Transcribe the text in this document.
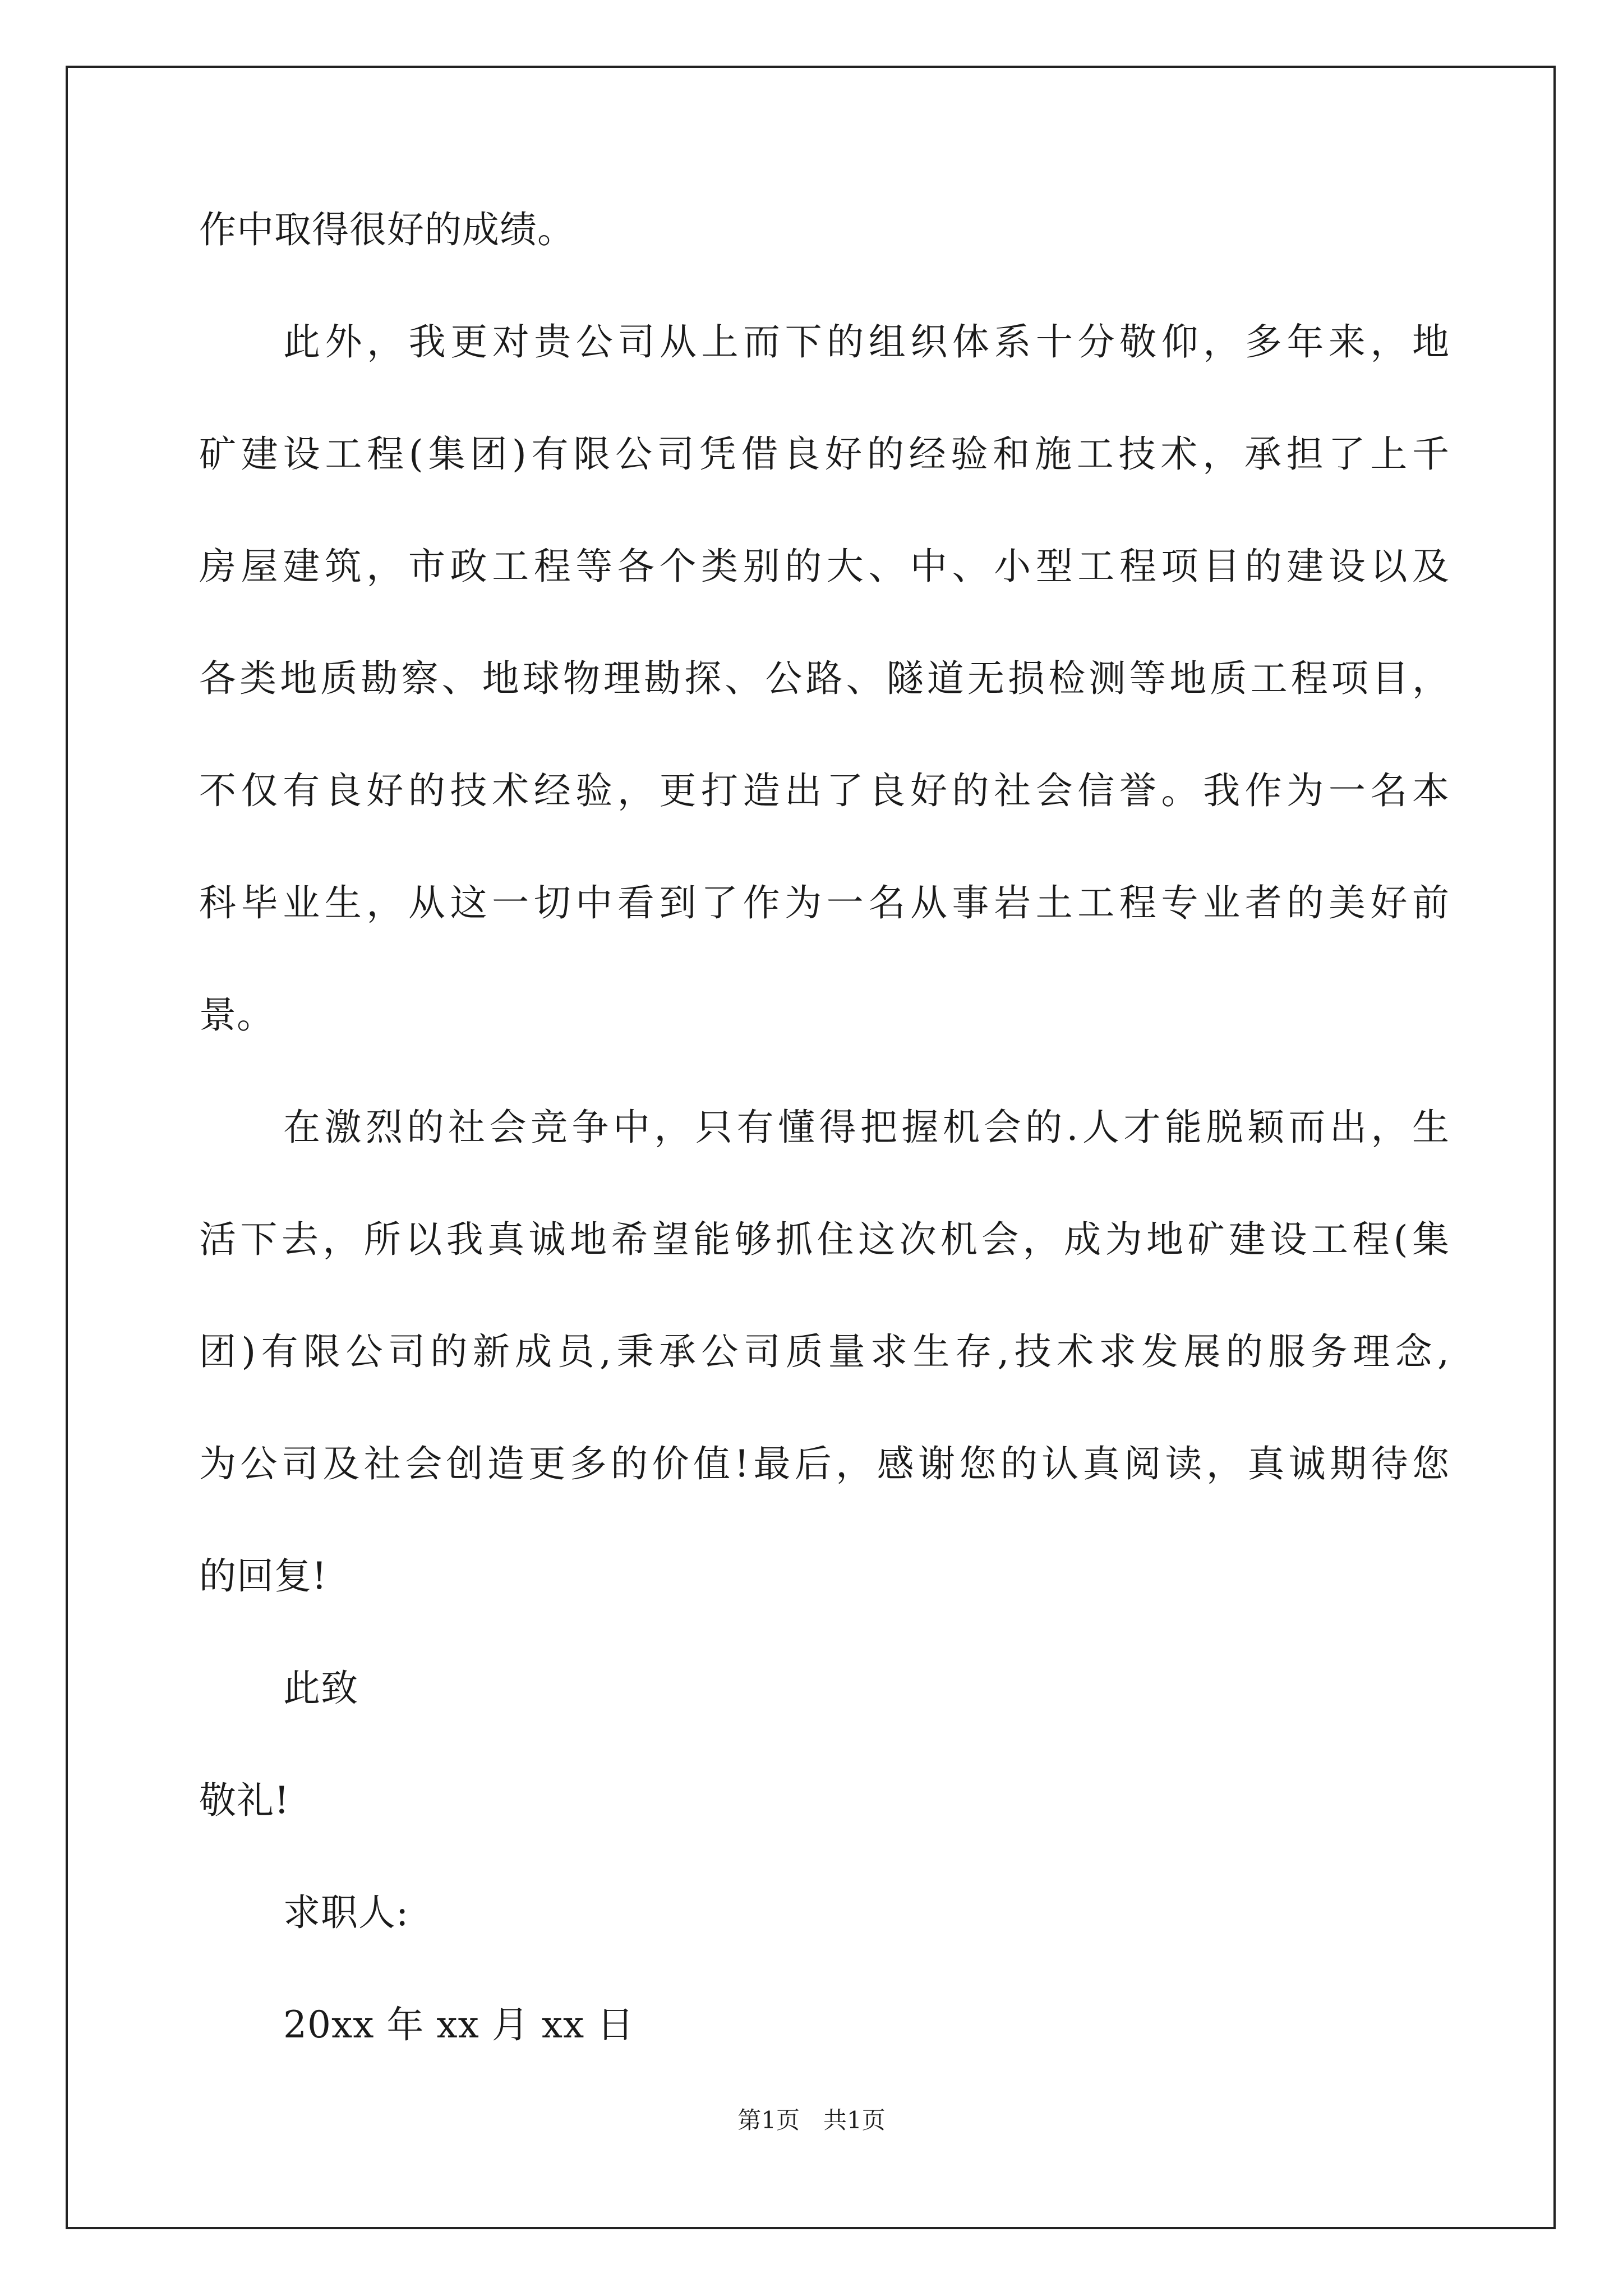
作中取得很好的成绩。
此外，我更对贵公司从上而下的组织体系十分敬仰，多年来，地
矿建设工程(集团)有限公司凭借良好的经验和施工技术，承担了上千
房屋建筑，市政工程等各个类别的大、中、小型工程项目的建设以及
各类地质勘察、地球物理勘探、公路、隧道无损检测等地质工程项目，
不仅有良好的技术经验，更打造出了良好的社会信誉。我作为一名本
科毕业生，从这一切中看到了作为一名从事岩土工程专业者的美好前
景。
在激烈的社会竞争中，只有懂得把握机会的.人才能脱颖而出，生
活下去，所以我真诚地希望能够抓住这次机会，成为地矿建设工程(集
团)有限公司的新成员,秉承公司质量求生存,技术求发展的服务理念,
为公司及社会创造更多的价值!最后，感谢您的认真阅读，真诚期待您
的回复!
此致
敬礼!
求职人:
20xx 年 xx 月 xx 日
第1页　共1页
